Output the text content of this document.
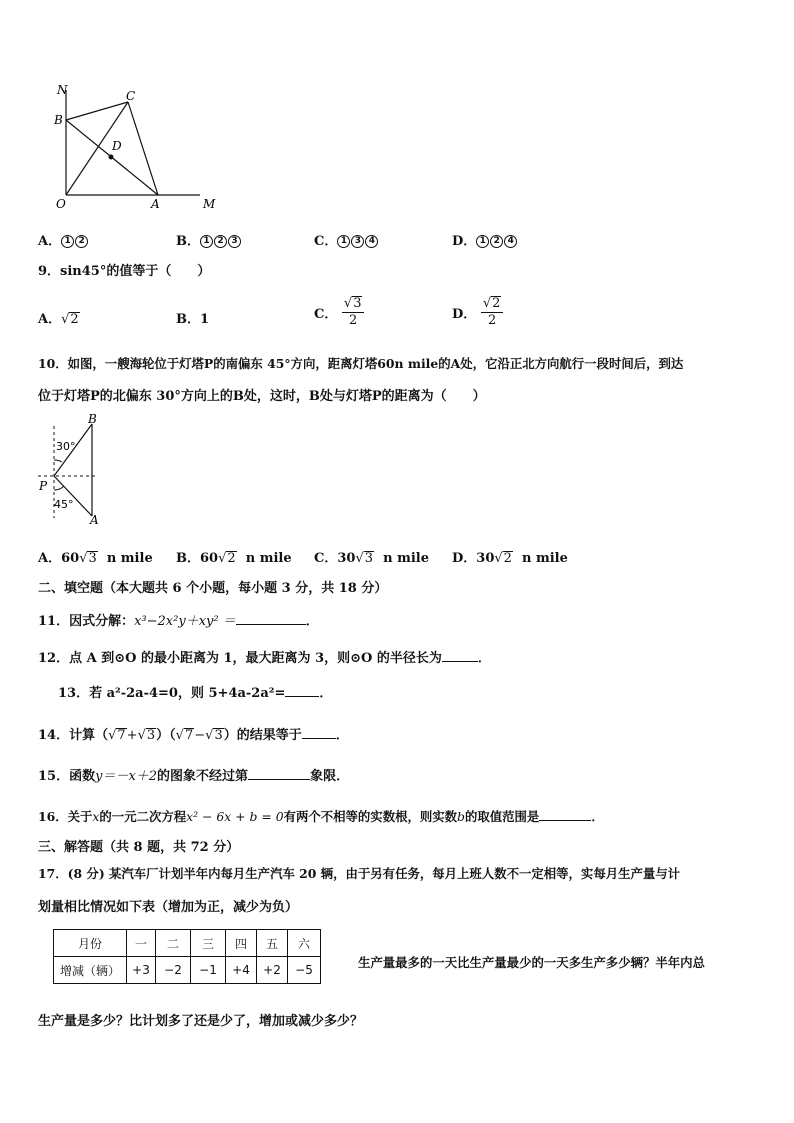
N
B
C
D
O	A	M
A． 1 2	B． 1 2 3	C． 1 3 4	D． 1 2 4
9．sin45°的值等于（　　）
A．√2	B．1	C． $\frac{√3}{2}$	D． $\frac{√2}{2}$
10．如图，一艘海轮位于灯塔P的南偏东 45°方向，距离灯塔60n mile的A处，它沿正北方向航行一段时间后，到达
位于灯塔P的北偏东 30°方向上的B处，这时，B处与灯塔P的距离为（　　）
30°
45°
P
B
A
A．60√3 n mile B．60√2 n mile C．30√3 n mile D．30√2 n mile
二、填空题（本大题共 6 个小题，每小题 3 分，共 18 分）
11．因式分解：x³−2x²y＋xy² ＝	．
12．点 A 到⊙O 的最小距离为 1，最大距离为 3，则⊙O 的半径长为	．
13．若 a²-2a-4=0，则 5+4a-2a²=	．
14．计算（√7+√3）（√7−√3）的结果等于	．
15．函数y＝－x＋2的图象不经过第	象限．
16．关于x的一元二次方程x² − 6x + b = 0有两个不相等的实数根，则实数b的取值范围是	．
三、解答题（共 8 题，共 72 分）
17．(8 分) 某汽车厂计划半年内每月生产汽车 20 辆，由于另有任务，每月上班人数不一定相等，实每月生产量与计
划量相比情况如下表（增加为正，减少为负）
月份	一	二	三	四	五	六
增减（辆）	+3	−2	−1	+4	+2	−5	生产量最多的一天比生产量最少的一天多生产多少辆？半年内总
生产量是多少？比计划多了还是少了，增加或减少多少？
